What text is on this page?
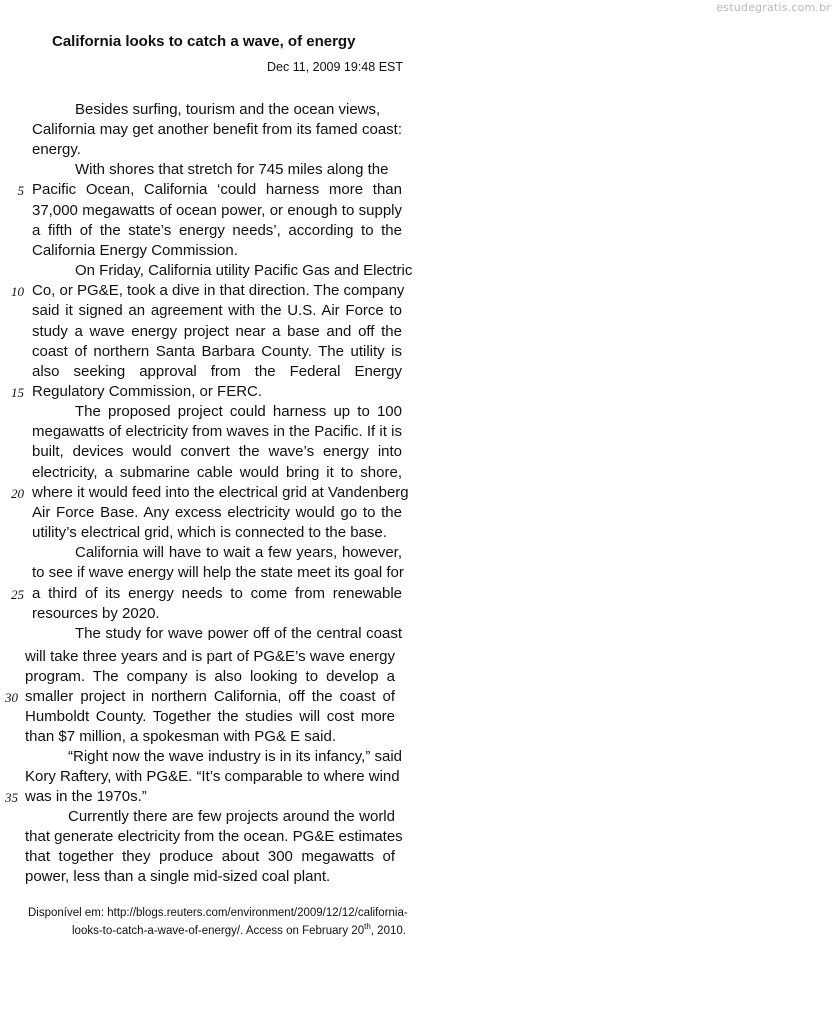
estudegratis.com.br
California looks to catch a wave, of energy
Dec 11, 2009 19:48 EST
Besides surfing, tourism and the ocean views,
California may get another benefit from its famed coast:
energy.
With shores that stretch for 745 miles along the
Pacific Ocean, California ‘could harness more than
37,000 megawatts of ocean power, or enough to supply
a fifth of the state’s energy needs’, according to the
California Energy Commission.
On Friday, California utility Pacific Gas and Electric
Co, or PG&E, took a dive in that direction. The company
said it signed an agreement with the U.S. Air Force to
study a wave energy project near a base and off the
coast of northern Santa Barbara County. The utility is
also seeking approval from the Federal Energy
Regulatory Commission, or FERC.
The proposed project could harness up to 100
megawatts of electricity from waves in the Pacific. If it is
built, devices would convert the wave’s energy into
electricity, a submarine cable would bring it to shore,
where it would feed into the electrical grid at Vandenberg
Air Force Base. Any excess electricity would go to the
utility’s electrical grid, which is connected to the base.
California will have to wait a few years, however,
to see if wave energy will help the state meet its goal for
a third of its energy needs to come from renewable
resources by 2020.
The study for wave power off of the central coast
will take three years and is part of PG&E’s wave energy
program. The company is also looking to develop a
smaller project in northern California, off the coast of
Humboldt County. Together the studies will cost more
than $7 million, a spokesman with PG& E said.
“Right now the wave industry is in its infancy,” said
Kory Raftery, with PG&E. “It’s comparable to where wind
was in the 1970s.”
Currently there are few projects around the world
that generate electricity from the ocean. PG&E estimates
that together they produce about 300 megawatts of
power, less than a single mid-sized coal plant.
5
10
15
20
25
30
35
Disponível em: http://blogs.reuters.com/environment/2009/12/12/california-
looks-to-catch-a-wave-of-energy/. Access on February 20th, 2010.
